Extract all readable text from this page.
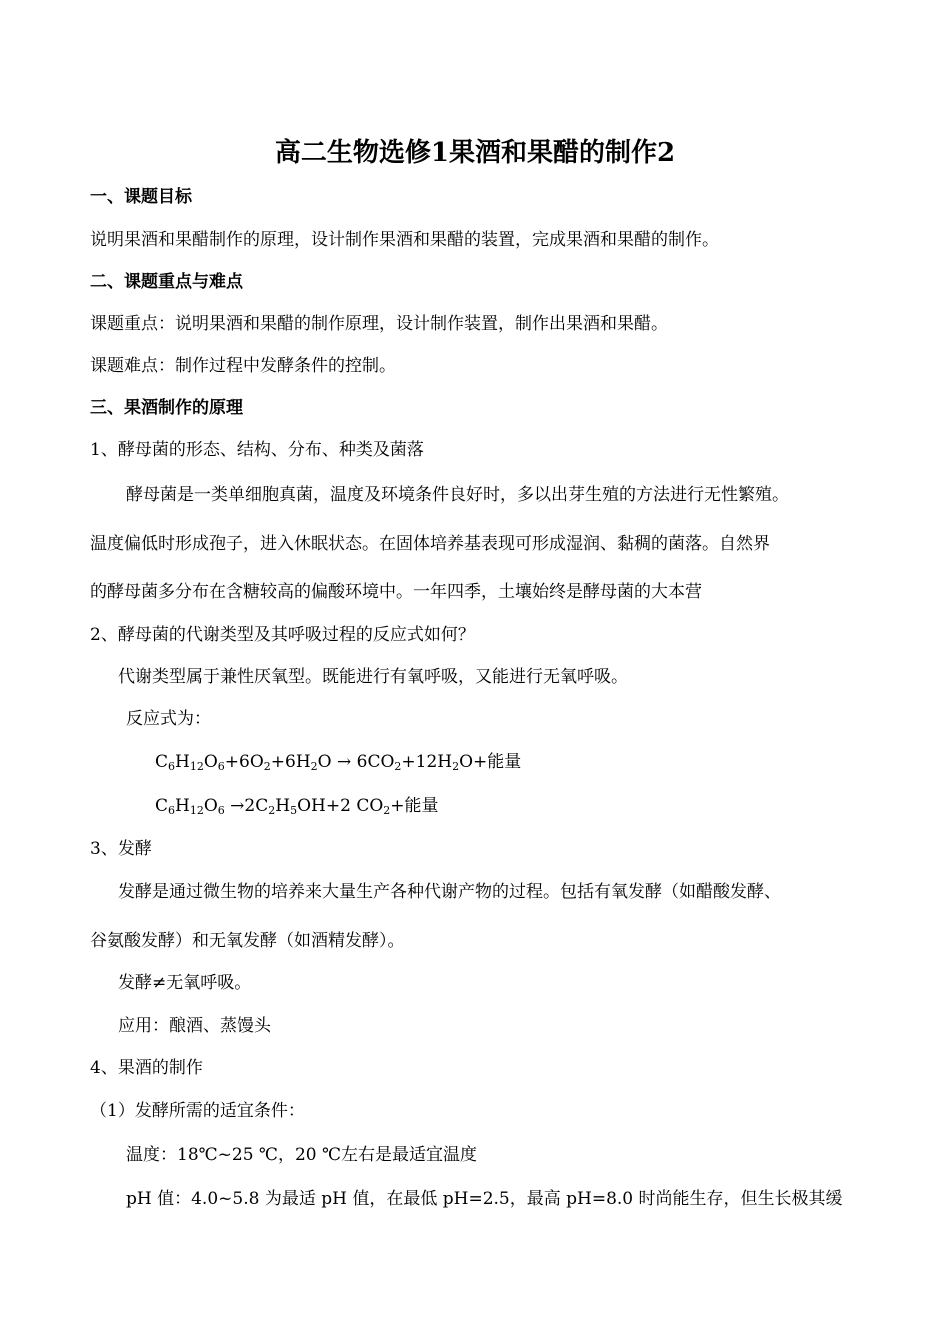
高二生物选修1果酒和果醋的制作2
一、课题目标
说明果酒和果醋制作的原理，设计制作果酒和果醋的装置，完成果酒和果醋的制作。
二、课题重点与难点
课题重点：说明果酒和果醋的制作原理，设计制作装置，制作出果酒和果醋。
课题难点：制作过程中发酵条件的控制。
三、果酒制作的原理
1、酵母菌的形态、结构、分布、种类及菌落
酵母菌是一类单细胞真菌，温度及环境条件良好时，多以出芽生殖的方法进行无性繁殖。
温度偏低时形成孢子，进入休眠状态。在固体培养基表现可形成湿润、黏稠的菌落。自然界
的酵母菌多分布在含糖较高的偏酸环境中。一年四季，土壤始终是酵母菌的大本营
2、酵母菌的代谢类型及其呼吸过程的反应式如何？
代谢类型属于兼性厌氧型。既能进行有氧呼吸，又能进行无氧呼吸。
反应式为：
$C_6H_{12}O_6+6O_2+6H_2O \to 6CO_2+12H_2O+$能量
$C_6H_{12}O_6 \to 2C_2H_5OH+2$ $CO_2+$能量
3、发酵
发酵是通过微生物的培养来大量生产各种代谢产物的过程。包括有氧发酵（如醋酸发酵、
谷氨酸发酵）和无氧发酵（如酒精发酵）。
发酵≠无氧呼吸。
应用：酿酒、蒸馒头
4、果酒的制作
（1）发酵所需的适宜条件：
温度：18℃~25 ℃，20 ℃左右是最适宜温度
pH 值：4.0~5.8 为最适 pH 值，在最低 pH=2.5，最高 pH=8.0 时尚能生存，但生长极其缓
